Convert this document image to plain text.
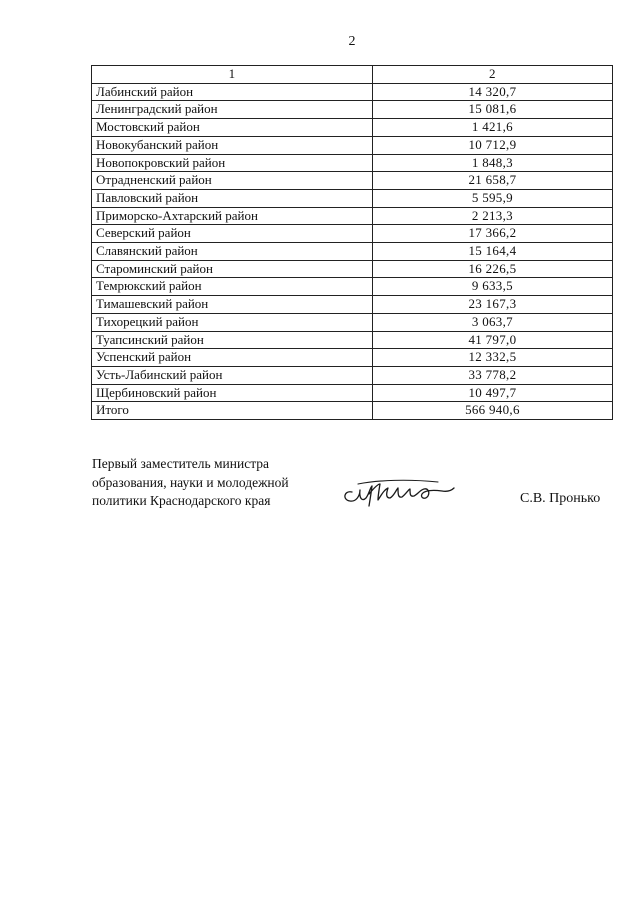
2
1	2
Лабинский район	14 320,7
Ленинградский район	15 081,6
Мостовский район	1 421,6
Новокубанский район	10 712,9
Новопокровский район	1 848,3
Отрадненский район	21 658,7
Павловский район	5 595,9
Приморско-Ахтарский район	2 213,3
Северский район	17 366,2
Славянский район	15 164,4
Староминский район	16 226,5
Темрюкский район	9 633,5
Тимашевский район	23 167,3
Тихорецкий район	3 063,7
Туапсинский район	41 797,0
Успенский район	12 332,5
Усть-Лабинский район	33 778,2
Щербиновский район	10 497,7
Итого	566 940,6
Первый заместитель министра
образования, науки и молодежной
политики Краснодарского края	С.В. Пронько
